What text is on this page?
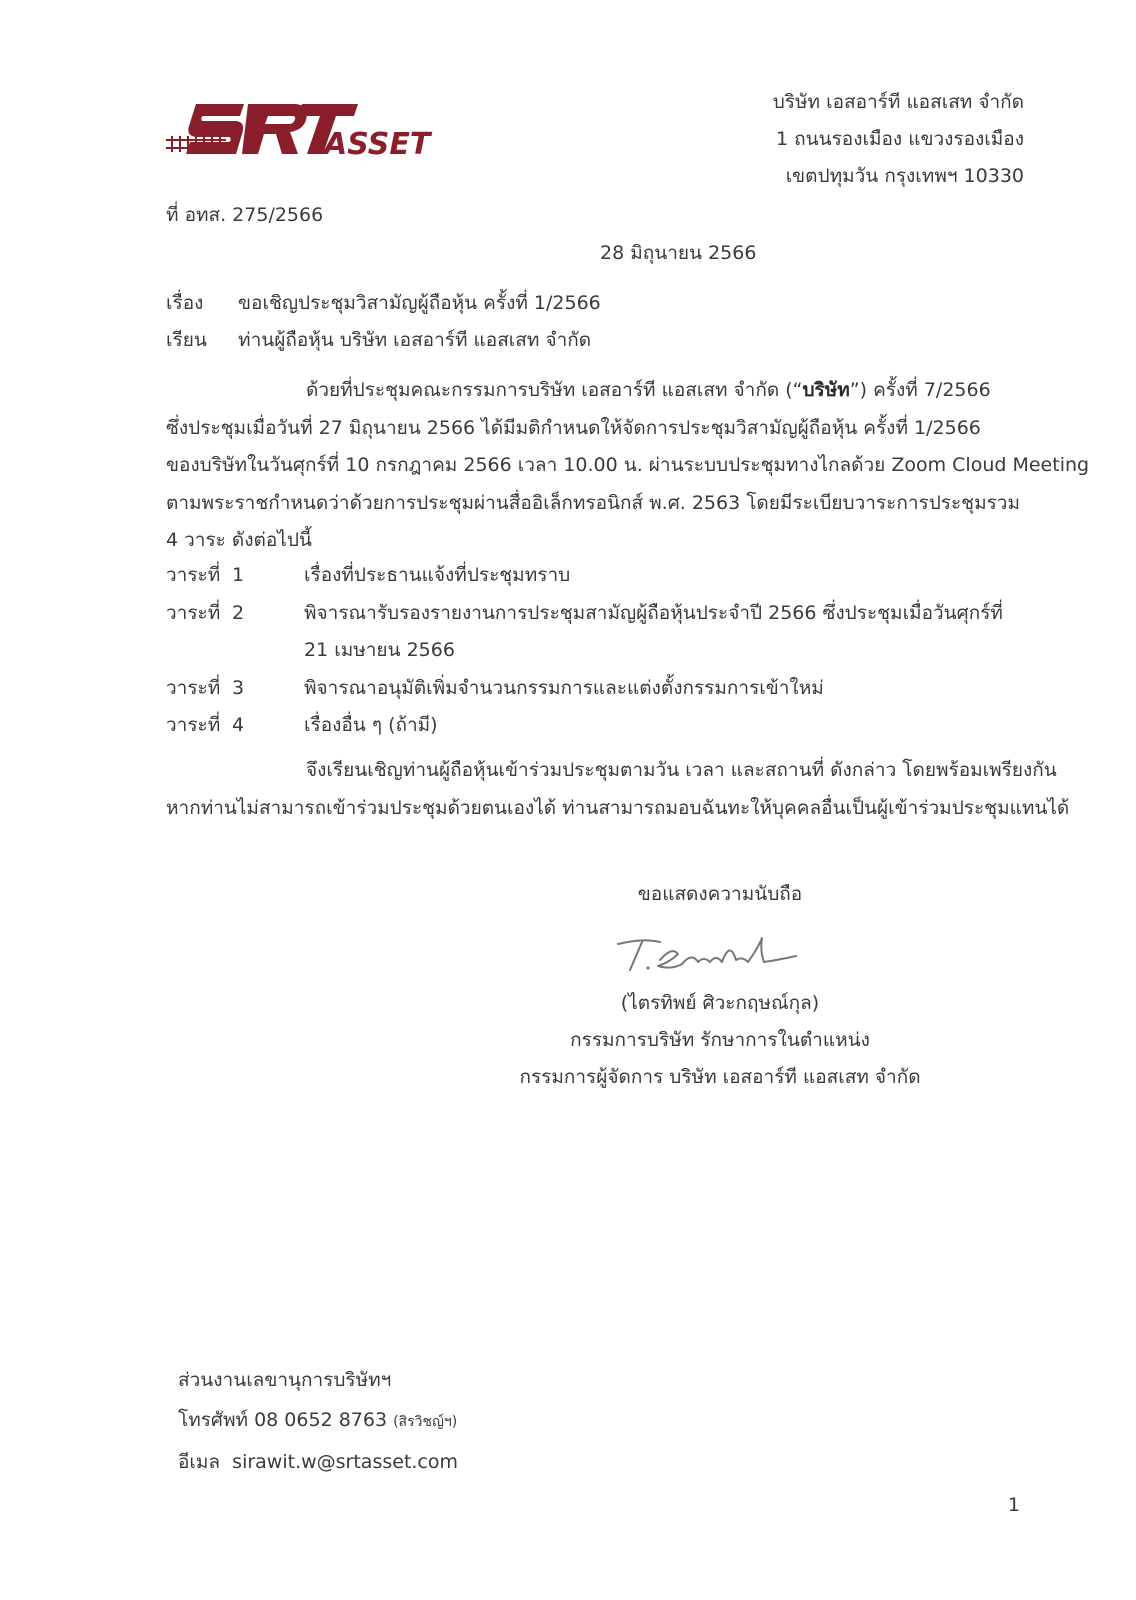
ASSET
บริษัท เอสอาร์ที แอสเสท จำกัด
1 ถนนรองเมือง แขวงรองเมือง
เขตปทุมวัน กรุงเทพฯ 10330
ที่ อทส. 275/2566
28 มิถุนายน 2566
เรื่อง ขอเชิญประชุมวิสามัญผู้ถือหุ้น ครั้งที่ 1/2566
เรียน ท่านผู้ถือหุ้น บริษัท เอสอาร์ที แอสเสท จำกัด
ด้วยที่ประชุมคณะกรรมการบริษัท เอสอาร์ที แอสเสท จำกัด (“บริษัท”) ครั้งที่ 7/2566
ซึ่งประชุมเมื่อวันที่ 27 มิถุนายน 2566 ได้มีมติกำหนดให้จัดการประชุมวิสามัญผู้ถือหุ้น ครั้งที่ 1/2566
ของบริษัทในวันศุกร์ที่ 10 กรกฎาคม 2566 เวลา 10.00 น. ผ่านระบบประชุมทางไกลด้วย Zoom Cloud Meeting
ตามพระราชกำหนดว่าด้วยการประชุมผ่านสื่ออิเล็กทรอนิกส์ พ.ศ. 2563 โดยมีระเบียบวาระการประชุมรวม
4 วาระ ดังต่อไปนี้
วาระที่ 1	เรื่องที่ประธานแจ้งที่ประชุมทราบ
วาระที่ 2	พิจารณารับรองรายงานการประชุมสามัญผู้ถือหุ้นประจำปี 2566 ซึ่งประชุมเมื่อวันศุกร์ที่
21 เมษายน 2566
วาระที่ 3	พิจารณาอนุมัติเพิ่มจำนวนกรรมการและแต่งตั้งกรรมการเข้าใหม่
วาระที่ 4	เรื่องอื่น ๆ (ถ้ามี)
จึงเรียนเชิญท่านผู้ถือหุ้นเข้าร่วมประชุมตามวัน เวลา และสถานที่ ดังกล่าว โดยพร้อมเพรียงกัน
หากท่านไม่สามารถเข้าร่วมประชุมด้วยตนเองได้ ท่านสามารถมอบฉันทะให้บุคคลอื่นเป็นผู้เข้าร่วมประชุมแทนได้
ขอแสดงความนับถือ
(ไตรทิพย์ ศิวะกฤษณ์กุล)
กรรมการบริษัท รักษาการในตำแหน่ง
กรรมการผู้จัดการ บริษัท เอสอาร์ที แอสเสท จำกัด
ส่วนงานเลขานุการบริษัทฯ
โทรศัพท์ 08 0652 8763 (สิรวิชญ์ฯ)
อีเมล sirawit.w@srtasset.com
1
